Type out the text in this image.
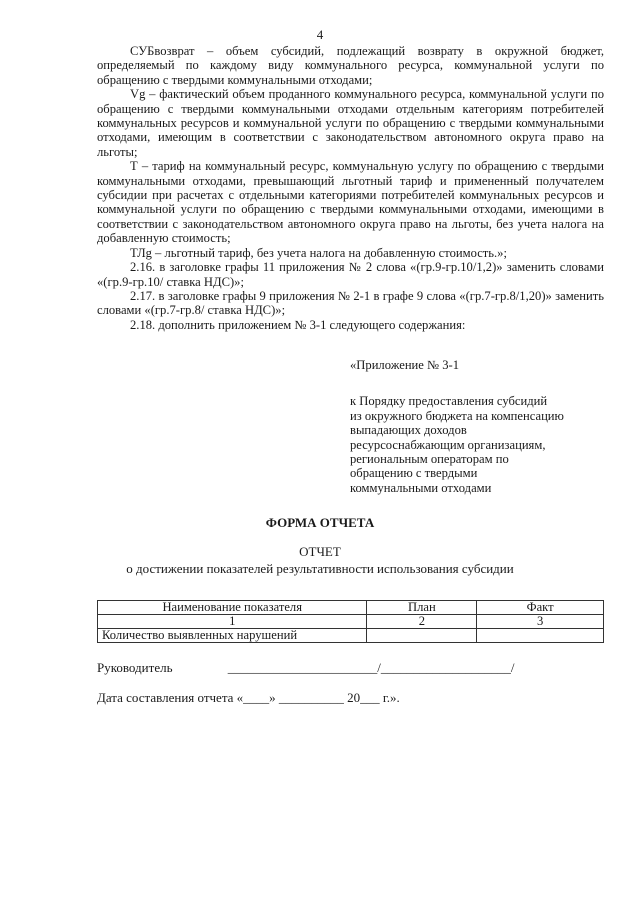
4

СУБвозврат – объем субсидий, подлежащий возврату в окружной бюджет, определяемый по каждому виду коммунального ресурса, коммунальной услуги по обращению с твердыми коммунальными отходами;

Vg – фактический объем проданного коммунального ресурса, коммунальной услуги по обращению с твердыми коммунальными отходами отдельным категориям потребителей коммунальных ресурсов и коммунальной услуги по обращению с твердыми коммунальными отходами, имеющим в соответствии с законодательством автономного округа право на льготы;

Т – тариф на коммунальный ресурс, коммунальную услугу по обращению с твердыми коммунальными отходами, превышающий льготный тариф и примененный получателем субсидии при расчетах с отдельными категориями потребителей коммунальных ресурсов и коммунальной услуги по обращению с твердыми коммунальными отходами, имеющими в соответствии с законодательством автономного округа право на льготы, без учета налога на добавленную стоимость;

ТЛg – льготный тариф, без учета налога на добавленную стоимость.»;

2.16. в заголовке графы 11 приложения № 2 слова «(гр.9-гр.10/1,2)» заменить словами «(гр.9-гр.10/ ставка НДС)»;

2.17. в заголовке графы 9 приложения № 2-1 в графе 9 слова «(гр.7-гр.8/1,20)» заменить словами «(гр.7-гр.8/ ставка НДС)»;

2.18. дополнить приложением № 3-1 следующего содержания:

«Приложение № 3-1

к Порядку предоставления субсидий

из окружного бюджета на компенсацию

выпадающих доходов

ресурсоснабжающим организациям,

региональным операторам по

обращению с твердыми

коммунальными отходами

ФОРМА ОТЧЕТА
ОТЧЕТ
о достижении показателей результативности использования субсидии
Наименование показателя	План	Факт
1	2	3
Количество выявленных нарушений		
Руководитель                 _______________________/____________________/
Дата составления отчета «____» __________ 20___ г.».
